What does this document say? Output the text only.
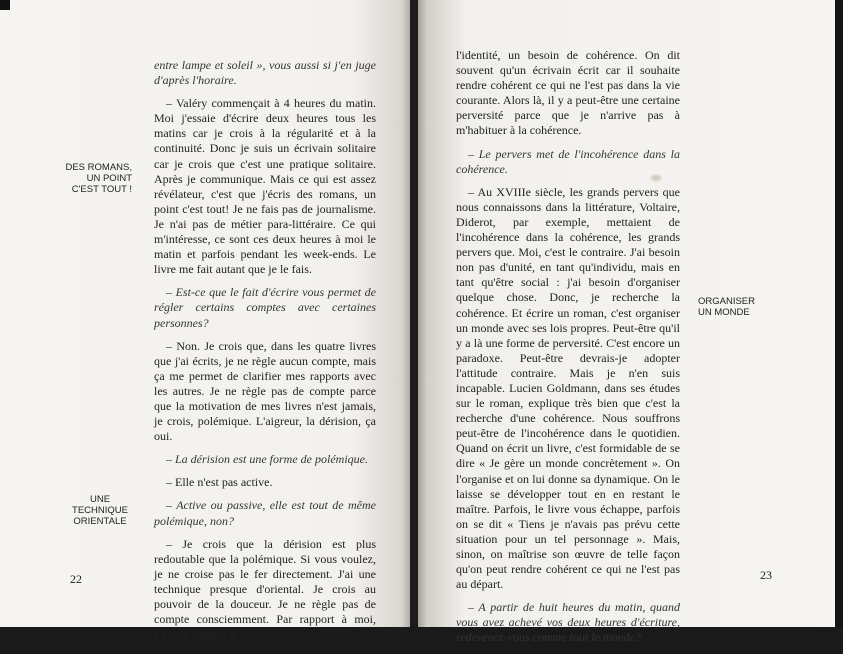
DES ROMANS, UN POINT C'EST TOUT !
UNE TECHNIQUE ORIENTALE

entre lampe et soleil », vous aussi si j'en juge d'après l'horaire.

– Valéry commençait à 4 heures du matin. Moi j'essaie d'écrire deux heures tous les matins car je crois à la régularité et à la continuité. Donc je suis un écrivain solitaire car je crois que c'est une pratique solitaire. Après je communique. Mais ce qui est assez révélateur, c'est que j'écris des romans, un point c'est tout! Je ne fais pas de journalisme. Je n'ai pas de métier para-littéraire. Ce qui m'intéresse, ce sont ces deux heures à moi le matin et parfois pendant les week-ends. Le livre me fait autant que je le fais.

– Est-ce que le fait d'écrire vous permet de régler certains comptes avec certaines personnes?

– Non. Je crois que, dans les quatre livres que j'ai écrits, je ne règle aucun compte, mais ça me permet de clarifier mes rapports avec les autres. Je ne règle pas de compte parce que la motivation de mes livres n'est jamais, je crois, polémique. L'aigreur, la dérision, ça oui.

– La dérision est une forme de polémique.

– Elle n'est pas active.

– Active ou passive, elle est tout de même polémique, non?

– Je crois que la dérision est plus redoutable que la polémique. Si vous voulez, je ne croise pas le fer directement. J'ai une technique presque d'oriental. Je crois au pouvoir de la douceur. Je ne règle pas de compte consciemment. Par rapport à moi, c'est un rapport à

22

l'identité, un besoin de cohérence. On dit souvent qu'un écrivain écrit car il souhaite rendre cohérent ce qui ne l'est pas dans la vie courante. Alors là, il y a peut-être une certaine perversité parce que je n'arrive pas à m'habituer à la cohérence.

– Le pervers met de l'incohérence dans la cohérence.

– Au XVIIIe siècle, les grands pervers que nous connaissons dans la littérature, Voltaire, Diderot, par exemple, mettaient de l'incohérence dans la cohérence, les grands pervers que. Moi, c'est le contraire. J'ai besoin non pas d'unité, en tant qu'individu, mais en tant qu'être social : j'ai besoin d'organiser quelque chose. Donc, je recherche la cohérence. Et écrire un roman, c'est organiser un monde avec ses lois propres. Peut-être qu'il y a là une forme de perversité. C'est encore un paradoxe. Peut-être devrais-je adopter l'attitude contraire. Mais je n'en suis incapable. Lucien Goldmann, dans ses études sur le roman, explique très bien que c'est la recherche d'une cohérence. Nous souffrons peut-être de l'incohérence dans le quotidien. Quand on écrit un livre, c'est formidable de se dire « Je gère un monde concrètement ». On l'organise et on lui donne sa dynamique. On le laisse se développer tout en en restant le maître. Parfois, le livre vous échappe, parfois on se dit « Tiens je n'avais pas prévu cette situation pour un tel personnage ». Mais, sinon, on maîtrise son œuvre de telle façon qu'on peut rendre cohérent ce qui ne l'est pas au départ.

– A partir de huit heures du matin, quand vous avez achevé vos deux heures d'écriture, redevenez-vous comme tout le monde?

ORGANISER UN MONDE
23
